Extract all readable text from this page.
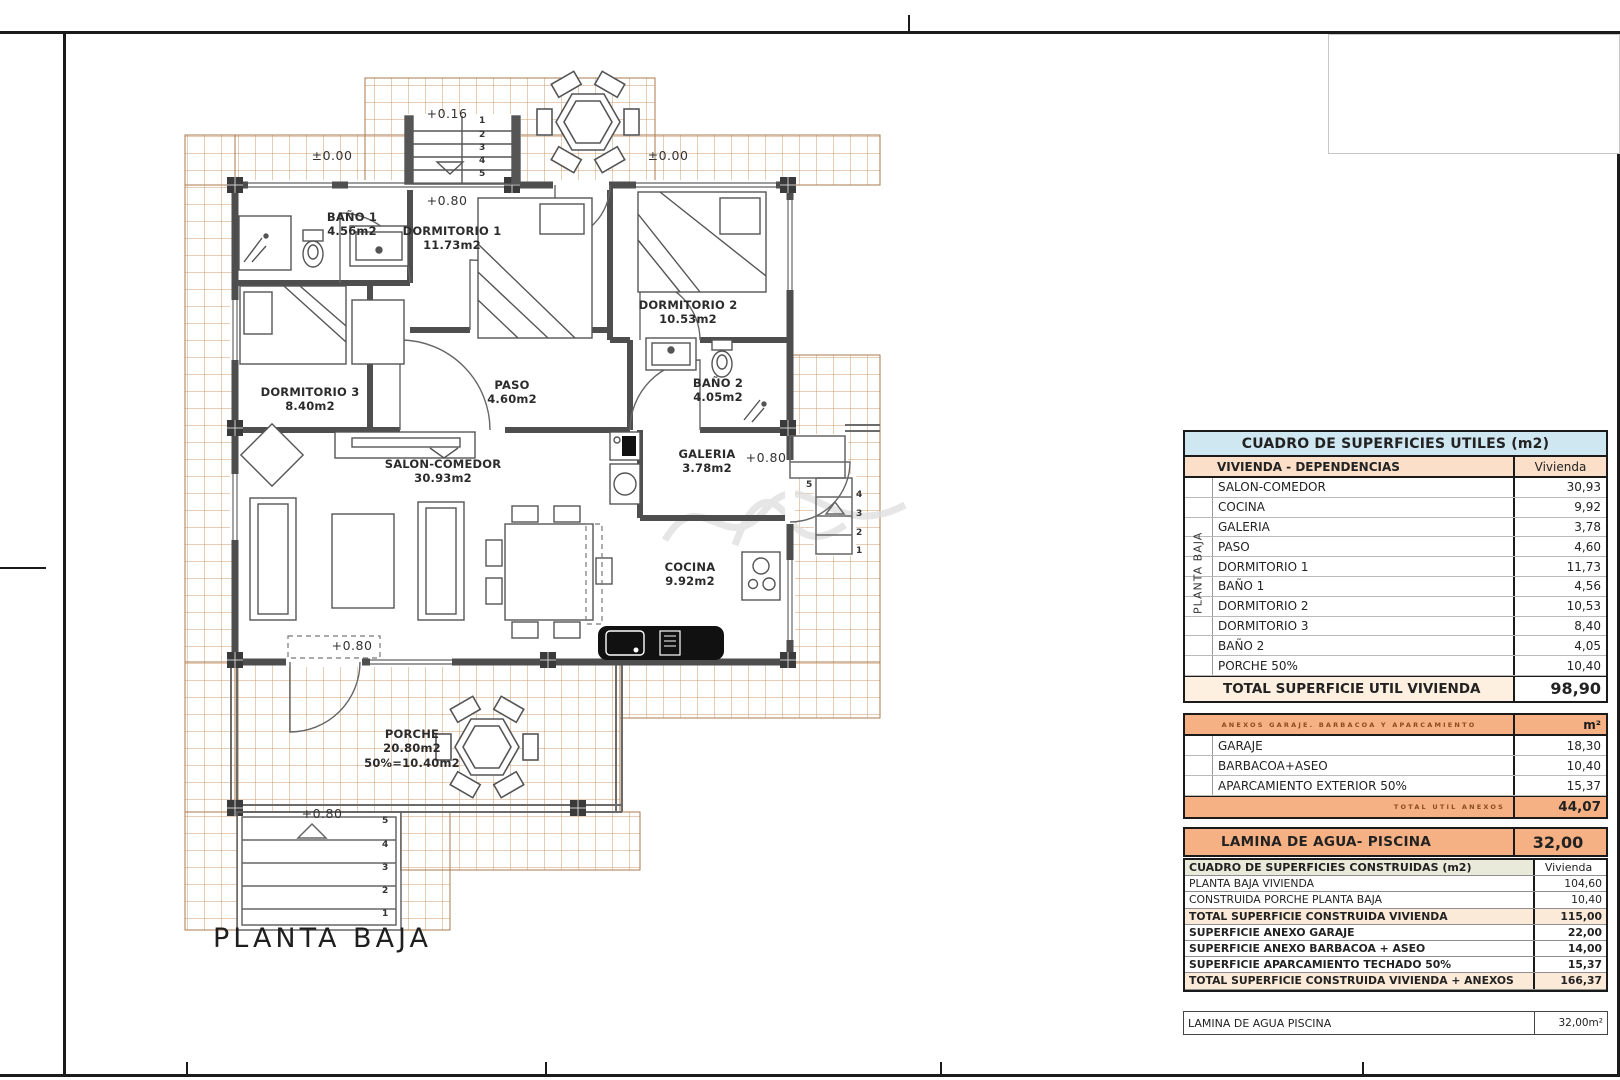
BAÑO 1
4.56m2 DORMITORIO 1
11.73m2
DORMITORIO 2
10.53m2
DORMITORIO 3
8.40m2
PASO
4.60m2
BAÑO 2
4.05m2
SALON-COMEDOR
30.93m2
GALERIA
3.78m2
COCINA
9.92m2
PORCHE
20.80m2
50%=10.40m2
+0.16
±0.00	±0.00
+0.80
+0.80
+0.80
+0.80
1
2
3
4
5
5
4
3
2
1
5
4
3
2
1
PLANTA BAJA
CUADRO DE SUPERFICIES UTILES (m2)
VIVIENDA - DEPENDENCIAS	Vivienda
SALON-COMEDOR	30,93
COCINA	9,92
GALERIA	3,78
PASO	4,60
DORMITORIO 1	11,73
BAÑO 1	4,56
DORMITORIO 2	10,53
DORMITORIO 3	8,40
BAÑO 2	4,05
PORCHE 50%	10,40
TOTAL SUPERFICIE UTIL VIVIENDA	98,90
PLANTA BAJA
ANEXOS GARAJE. BARBACOA Y APARCAMIENTO	m²
GARAJE	18,30
BARBACOA+ASEO	10,40
APARCAMIENTO EXTERIOR 50%	15,37
TOTAL UTIL ANEXOS	44,07
LAMINA DE AGUA- PISCINA	32,00
CUADRO DE SUPERFICIES CONSTRUIDAS (m2)	Vivienda
PLANTA BAJA VIVIENDA	104,60
CONSTRUIDA PORCHE PLANTA BAJA	10,40
TOTAL SUPERFICIE CONSTRUIDA VIVIENDA	115,00
SUPERFICIE ANEXO GARAJE	22,00
SUPERFICIE ANEXO BARBACOA + ASEO	14,00
SUPERFICIE APARCAMIENTO TECHADO 50%	15,37
TOTAL SUPERFICIE CONSTRUIDA VIVIENDA + ANEXOS	166,37
LAMINA DE AGUA PISCINA	32,00m²
